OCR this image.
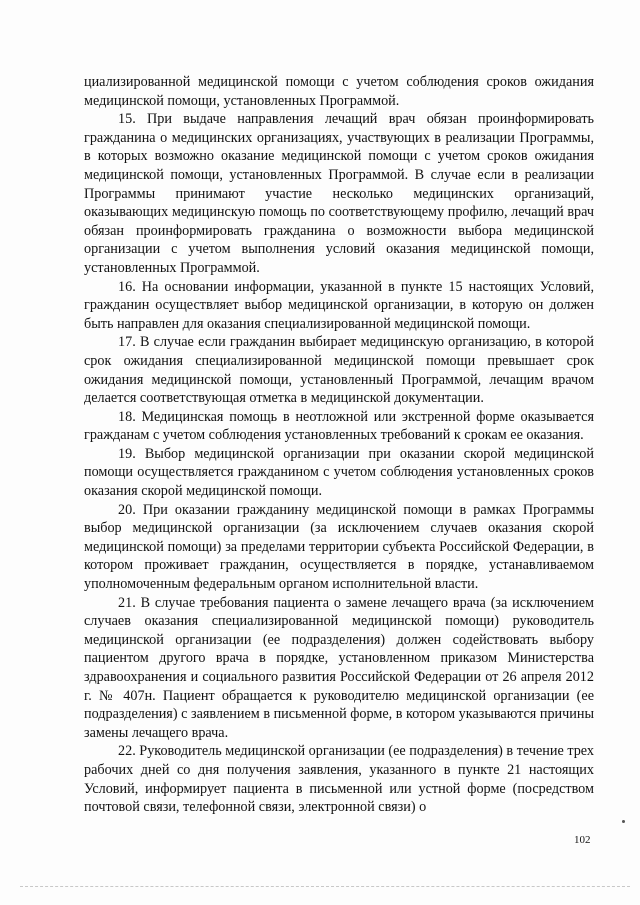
циализированной медицинской помощи с учетом соблюдения сроков ожидания медицинской помощи, установленных Программой.

15. При выдаче направления лечащий врач обязан проинформировать гражданина о медицинских организациях, участвующих в реализации Программы, в которых возможно оказание медицинской помощи с учетом сроков ожидания медицинской помощи, установленных Программой. В случае если в реализации Программы принимают участие несколько медицинских организаций, оказывающих медицинскую помощь по соответствующему профилю, лечащий врач обязан проинформировать гражданина о возможности выбора медицинской организации с учетом выполнения условий оказания медицинской помощи, установленных Программой.

16. На основании информации, указанной в пункте 15 настоящих Условий, гражданин осуществляет выбор медицинской организации, в которую он должен быть направлен для оказания специализированной медицинской помощи.

17. В случае если гражданин выбирает медицинскую организацию, в которой срок ожидания специализированной медицинской помощи превышает срок ожидания медицинской помощи, установленный Программой, лечащим врачом делается соответствующая отметка в медицинской документации.

18. Медицинская помощь в неотложной или экстренной форме оказывается гражданам с учетом соблюдения установленных требований к срокам ее оказания.

19. Выбор медицинской организации при оказании скорой медицинской помощи осуществляется гражданином с учетом соблюдения установленных сроков оказания скорой медицинской помощи.

20. При оказании гражданину медицинской помощи в рамках Программы выбор медицинской организации (за исключением случаев оказания скорой медицинской помощи) за пределами территории субъекта Российской Федерации, в котором проживает гражданин, осуществляется в порядке, устанавливаемом уполномоченным федеральным органом исполнительной власти.

21. В случае требования пациента о замене лечащего врача (за исключением случаев оказания специализированной медицинской помощи) руководитель медицинской организации (ее подразделения) должен содействовать выбору пациентом другого врача в порядке, установленном приказом Министерства здравоохранения и социального развития Российской Федерации от 26 апреля 2012 г. № 407н. Пациент обращается к руководителю медицинской организации (ее подразделения) с заявлением в письменной форме, в котором указываются причины замены лечащего врача.

22. Руководитель медицинской организации (ее подразделения) в течение трех рабочих дней со дня получения заявления, указанного в пункте 21 настоящих Условий, информирует пациента в письменной или устной форме (посредством почтовой связи, телефонной связи, электронной связи) о

102
